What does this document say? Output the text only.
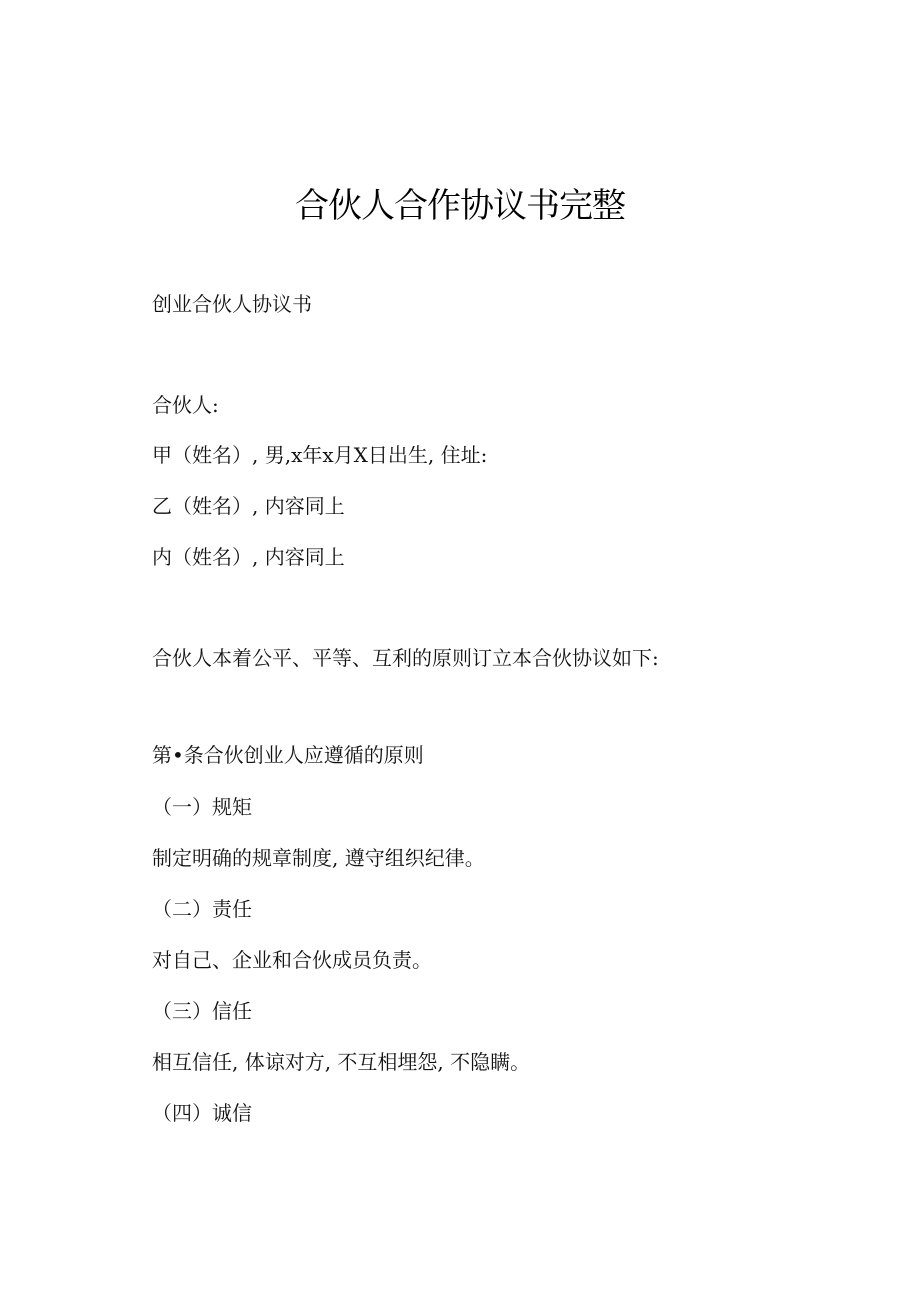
合伙人合作协议书完整
创业合伙人协议书
合伙人:
甲（姓名）, 男,x年x月X日出生, 住址:
乙（姓名）, 内容同上
内（姓名）, 内容同上
合伙人本着公平、平等、互利的原则订立本合伙协议如下:
第•条合伙创业人应遵循的原则
（一）规矩
制定明确的规章制度, 遵守组织纪律。
（二）责任
对自己、企业和合伙成员负责。
（三）信任
相互信任, 体谅对方, 不互相埋怨, 不隐瞒。
（四）诚信
